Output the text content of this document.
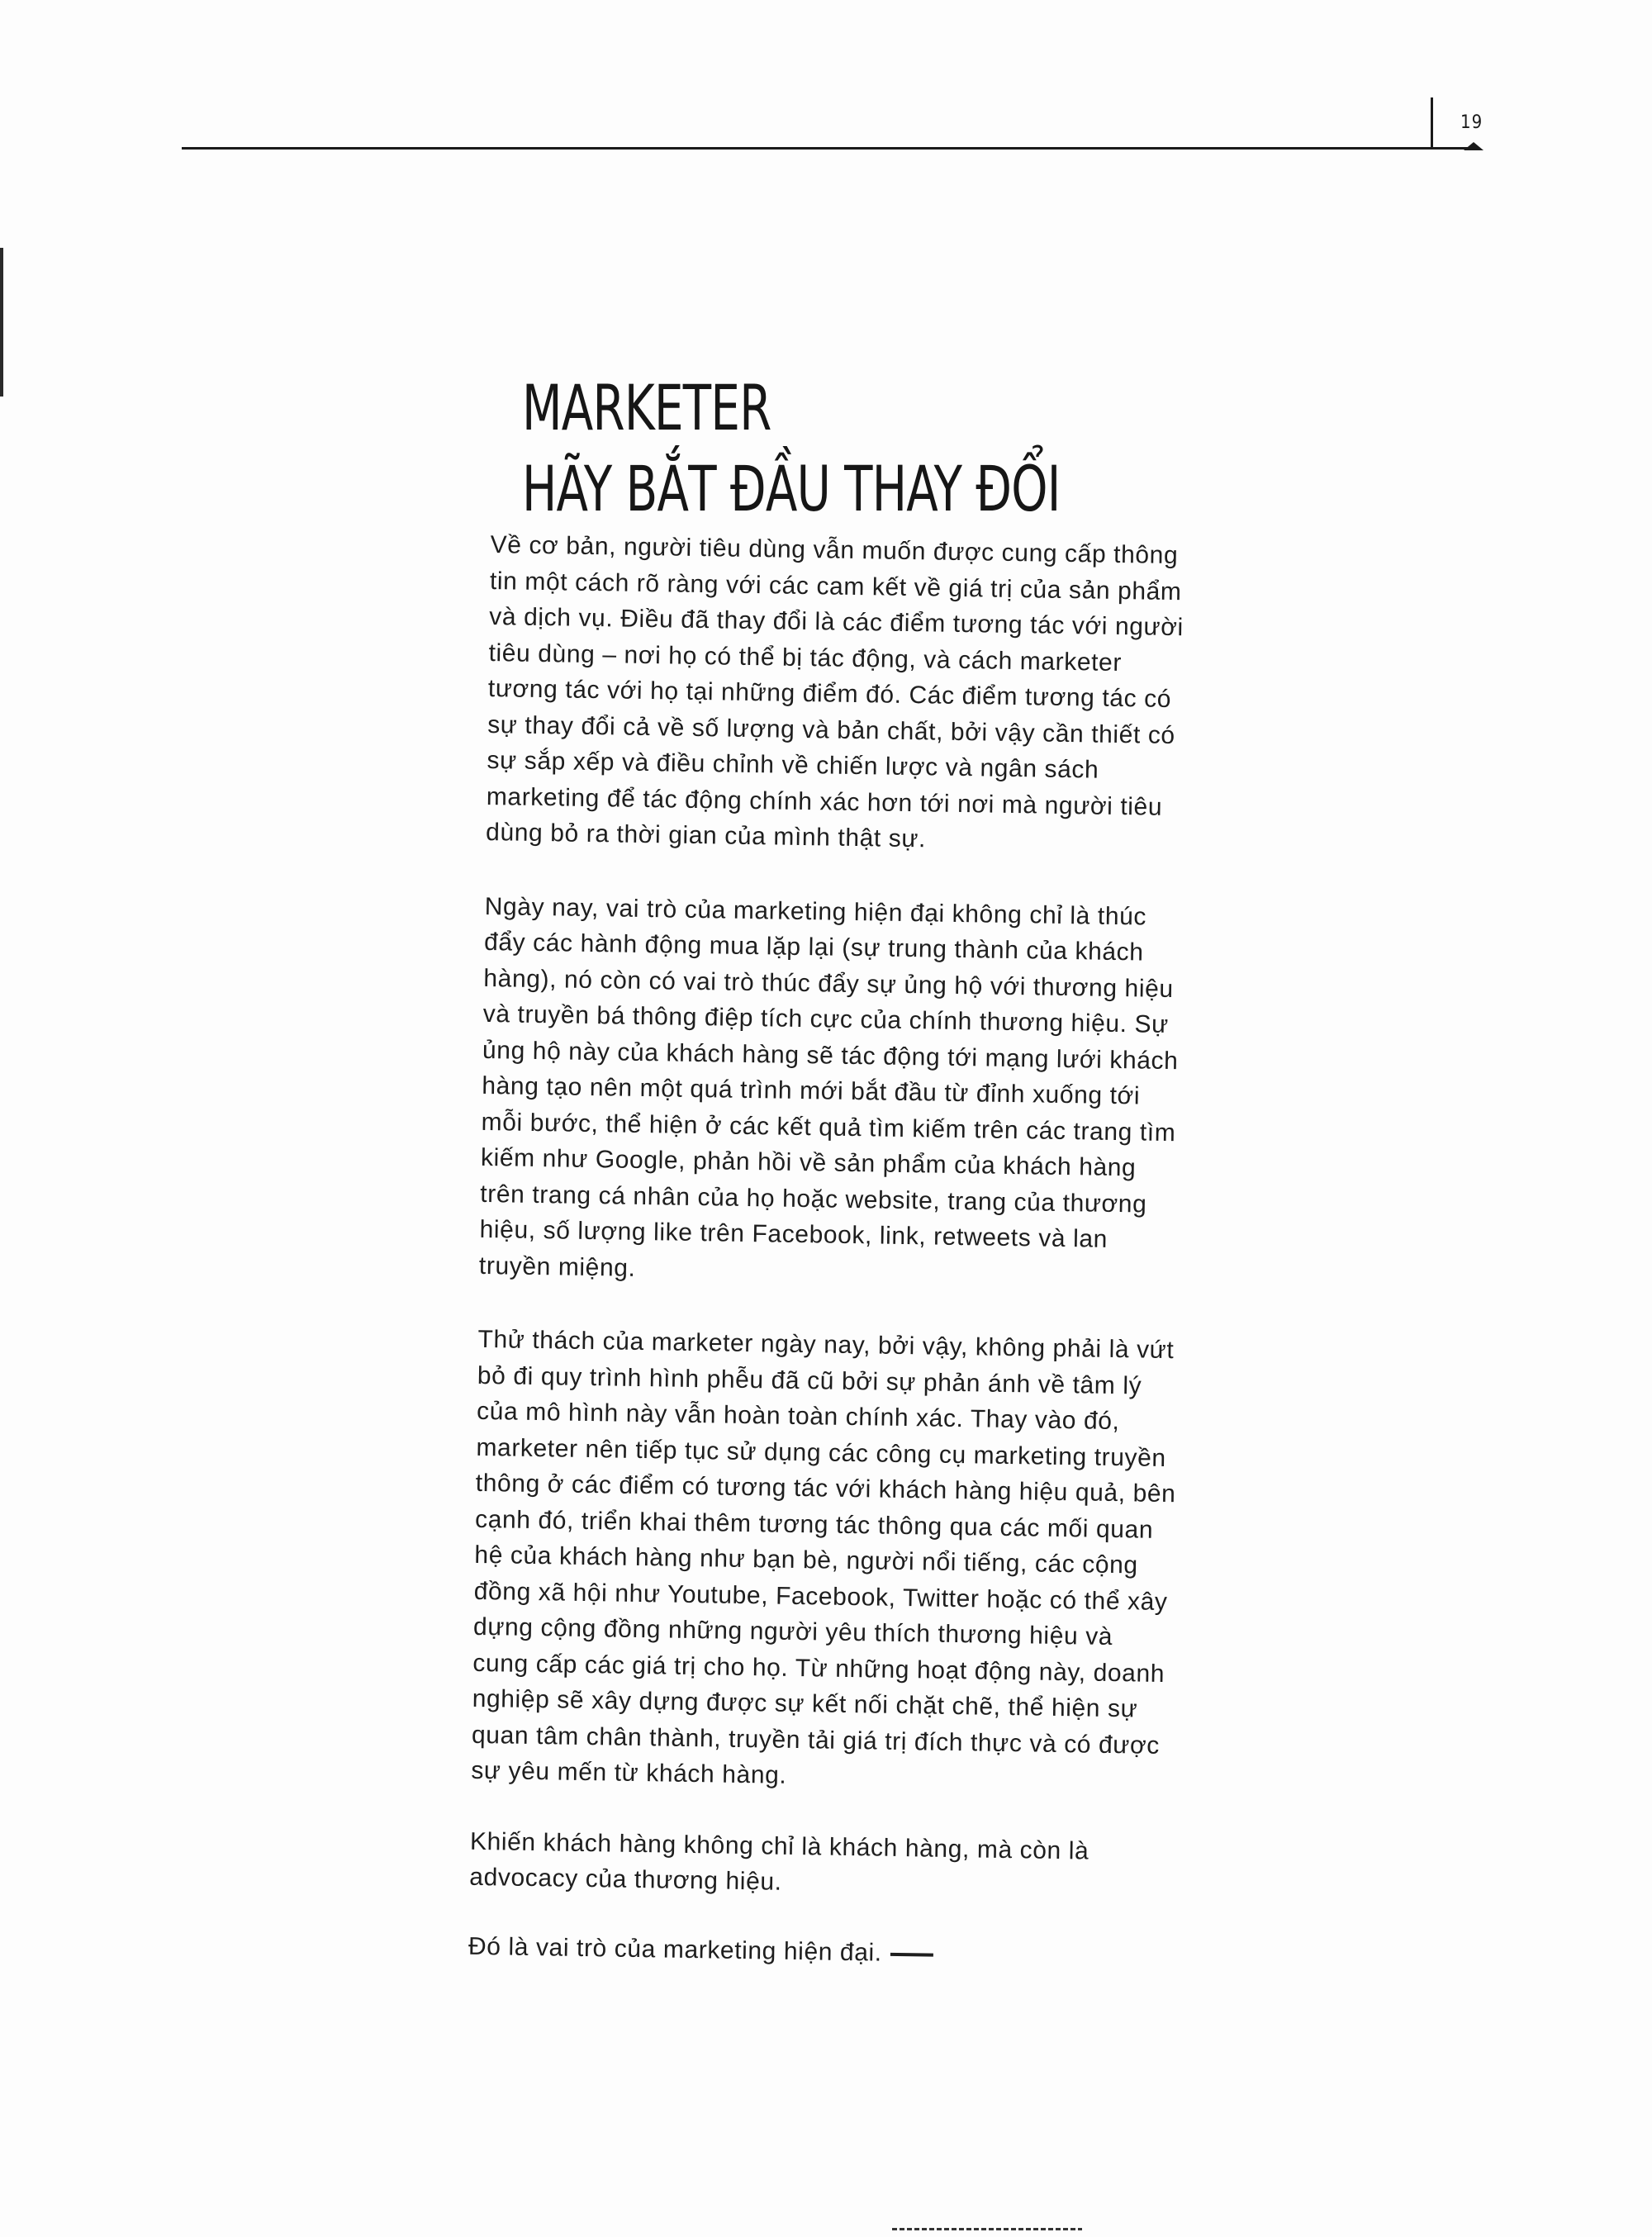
19
MARKETER
HÃY BẮT ĐẦU THAY ĐỔI

Về cơ bản, người tiêu dùng vẫn muốn được cung cấp thông tin một cách rõ ràng với các cam kết về giá trị của sản phẩm và dịch vụ. Điều đã thay đổi là các điểm tương tác với người tiêu dùng – nơi họ có thể bị tác động, và cách marketer tương tác với họ tại những điểm đó. Các điểm tương tác có sự thay đổi cả về số lượng và bản chất, bởi vậy cần thiết có sự sắp xếp và điều chỉnh về chiến lược và ngân sách marketing để tác động chính xác hơn tới nơi mà người tiêu dùng bỏ ra thời gian của mình thật sự.

Ngày nay, vai trò của marketing hiện đại không chỉ là thúc đẩy các hành động mua lặp lại (sự trung thành của khách hàng), nó còn có vai trò thúc đẩy sự ủng hộ với thương hiệu và truyền bá thông điệp tích cực của chính thương hiệu. Sự ủng hộ này của khách hàng sẽ tác động tới mạng lưới khách hàng tạo nên một quá trình mới bắt đầu từ đỉnh xuống tới mỗi bước, thể hiện ở các kết quả tìm kiếm trên các trang tìm kiếm như Google, phản hồi về sản phẩm của khách hàng trên trang cá nhân của họ hoặc website, trang của thương hiệu, số lượng like trên Facebook, link, retweets và lan truyền miệng.

Thử thách của marketer ngày nay, bởi vậy, không phải là vứt bỏ đi quy trình hình phễu đã cũ bởi sự phản ánh về tâm lý của mô hình này vẫn hoàn toàn chính xác. Thay vào đó, marketer nên tiếp tục sử dụng các công cụ marketing truyền thông ở các điểm có tương tác với khách hàng hiệu quả, bên cạnh đó, triển khai thêm tương tác thông qua các mối quan hệ của khách hàng như bạn bè, người nổi tiếng, các cộng đồng xã hội như Youtube, Facebook, Twitter hoặc có thể xây dựng cộng đồng những người yêu thích thương hiệu và cung cấp các giá trị cho họ. Từ những hoạt động này, doanh nghiệp sẽ xây dựng được sự kết nối chặt chẽ, thể hiện sự quan tâm chân thành, truyền tải giá trị đích thực và có được sự yêu mến từ khách hàng.

Khiến khách hàng không chỉ là khách hàng, mà còn là advocacy của thương hiệu.

Đó là vai trò của marketing hiện đại.
